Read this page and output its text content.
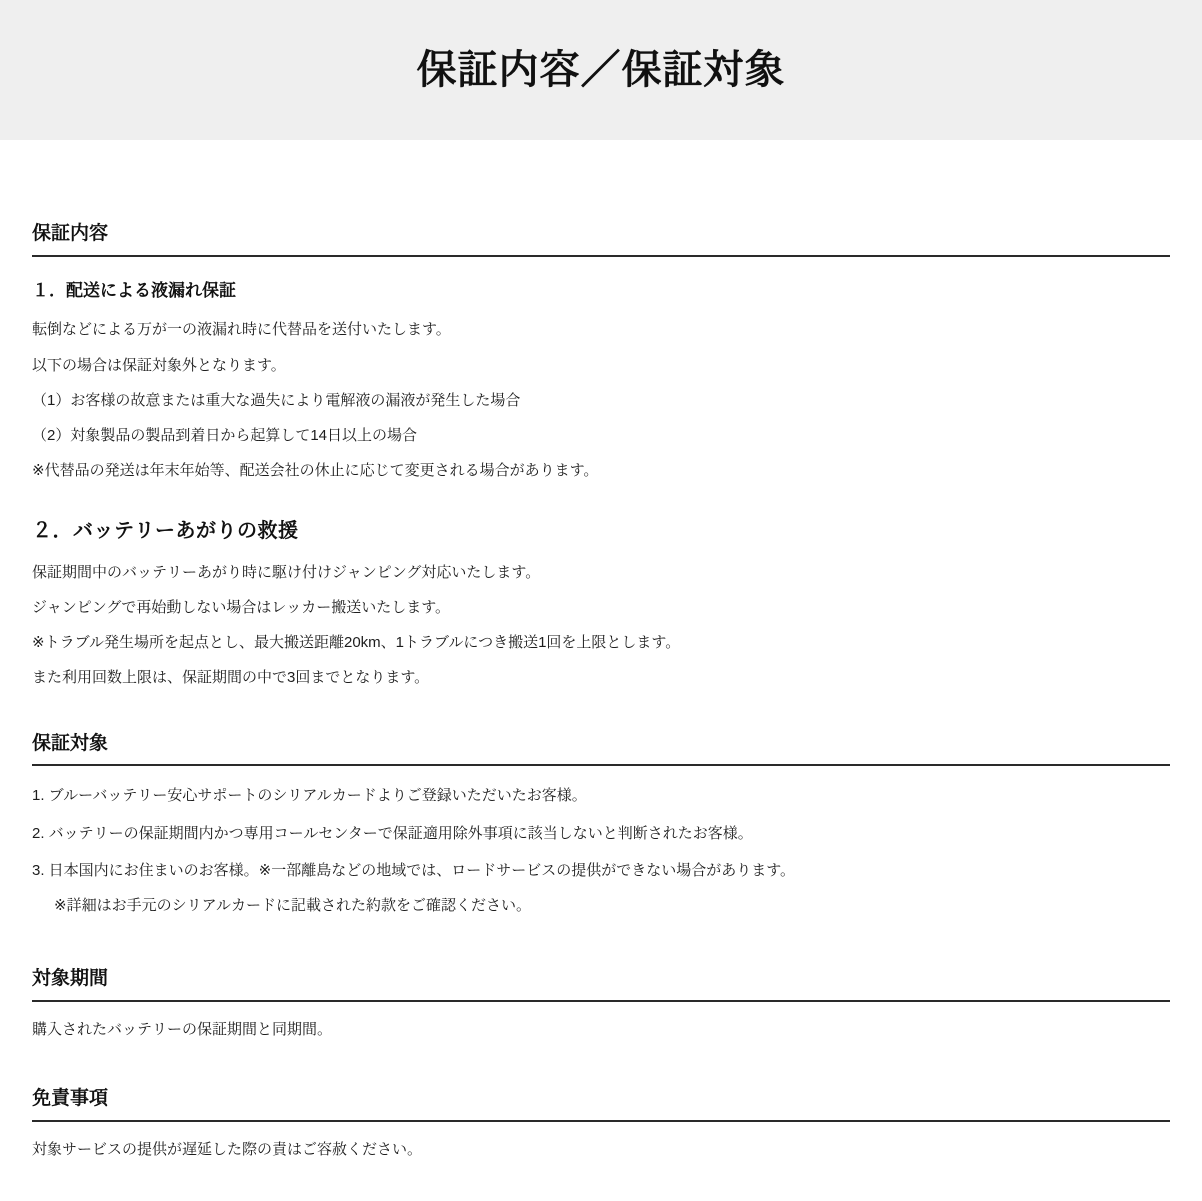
保証内容／保証対象
保証内容
１．配送による液漏れ保証

転倒などによる万が一の液漏れ時に代替品を送付いたします。

以下の場合は保証対象外となります。

（1）お客様の故意または重大な過失により電解液の漏液が発生した場合

（2）対象製品の製品到着日から起算して14日以上の場合

※代替品の発送は年末年始等、配送会社の休止に応じて変更される場合があります。

２．バッテリーあがりの救援

保証期間中のバッテリーあがり時に駆け付けジャンピング対応いたします。

ジャンピングで再始動しない場合はレッカー搬送いたします。

※トラブル発生場所を起点とし、最大搬送距離20km、1トラブルにつき搬送1回を上限とします。

また利用回数上限は、保証期間の中で3回までとなります。

保証対象
1. ブルーバッテリー安心サポートのシリアルカードよりご登録いただいたお客様。
2. バッテリーの保証期間内かつ専用コールセンターで保証適用除外事項に該当しないと判断されたお客様。
3. 日本国内にお住まいのお客様。※一部離島などの地域では、ロードサービスの提供ができない場合があります。

※詳細はお手元のシリアルカードに記載された約款をご確認ください。

対象期間

購入されたバッテリーの保証期間と同期間。

免責事項

対象サービスの提供が遅延した際の責はご容赦ください。
